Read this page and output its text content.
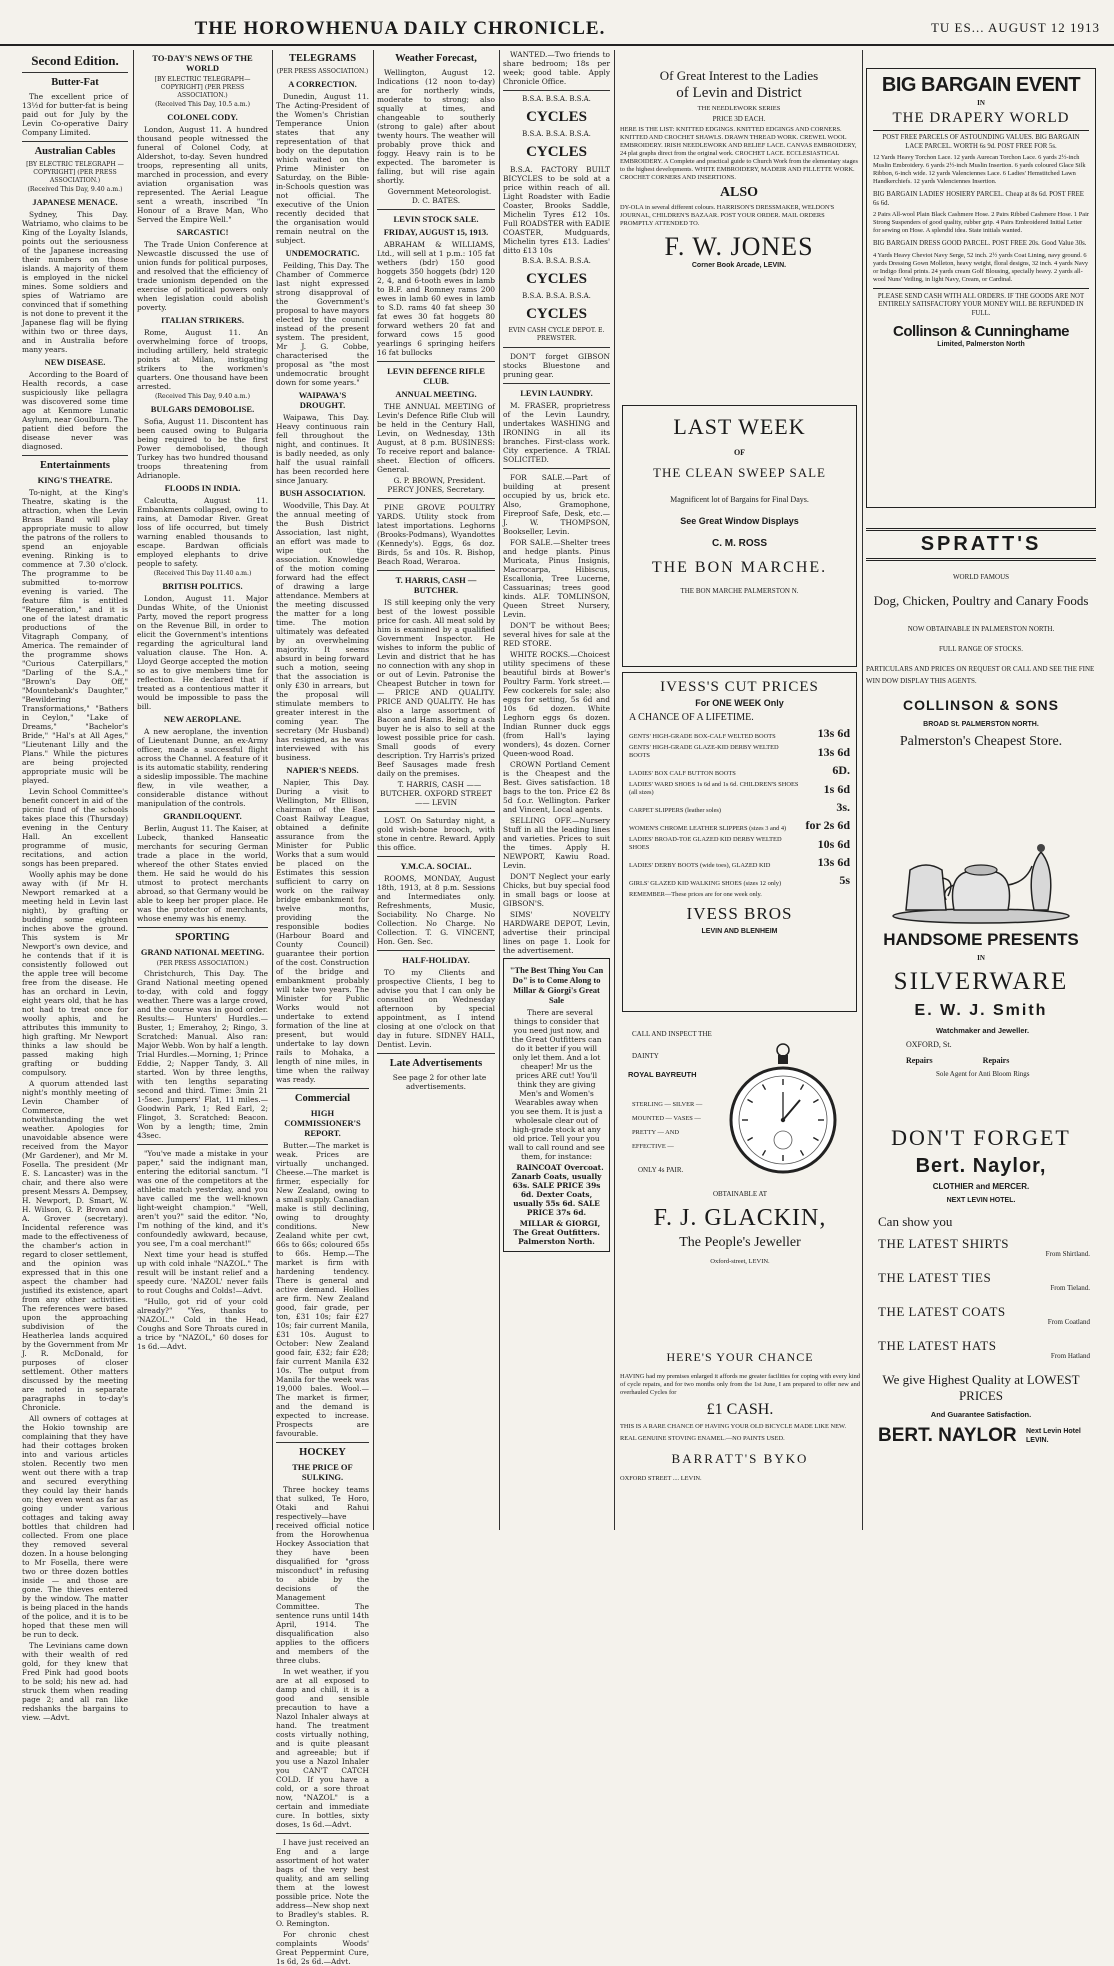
THE HOROWHENUA DAILY CHRONICLE.	TU ES... AUGUST 12 1913
Second Edition.
Butter-Fat

The excellent price of 13½d for butter-fat is being paid out for July by the Levin Co-operative Dairy Company Limited.

Australian Cables
[BY ELECTRIC TELEGRAPH — COPYRIGHT] (PER PRESS ASSOCIATION.)
(Received This Day, 9.40 a.m.)
JAPANESE MENACE.

Sydney, This Day. Watriamo, who claims to be King of the Loyalty Islands, points out the seriousness of the Japanese increasing their numbers on those islands. A majority of them is employed in the nickel mines. Some soldiers and spies of Watriamo are convinced that if something is not done to prevent it the Japanese flag will be flying within two or three days, and in Australia before many years.

NEW DISEASE.

According to the Board of Health records, a case suspiciously like pellagra was discovered some time ago at Kenmore Lunatic Asylum, near Goulburn. The patient died before the disease never was diagnosed.

Entertainments
KING'S THEATRE.

To-night, at the King's Theatre, skating is the attraction, when the Levin Brass Band will play appropriate music to allow the patrons of the rollers to spend an enjoyable evening. Rinking is to commence at 7.30 o'clock. The programme to be submitted to-morrow evening is varied. The feature film is entitled "Regeneration," and it is one of the latest dramatic productions of the Vitagraph Company, of America. The remainder of the programme shows "Curious Caterpillars," "Darling of the S.A.," "Brown's Day Off," "Mountebank's Daughter," "Bewildering Transformations," "Bathers in Ceylon," "Lake of Dreams," "Bachelor's Bride," "Hal's at All Ages," "Lieutenant Lilly and the Plans." While the pictures are being projected appropriate music will be played.

Levin School Committee's benefit concert in aid of the picnic fund of the schools takes place this (Thursday) evening in the Century Hall. An excellent programme of music, recitations, and action songs has been prepared.

Woolly aphis may be done away with (if Mr H. Newport remarked at a meeting held in Levin last night), by grafting or budding some eighteen inches above the ground. This system is Mr Newport's own device, and he contends that if it is consistently followed out the apple tree will become free from the disease. He has an orchard in Levin, eight years old, that he has not had to treat once for woolly aphis, and he attributes this immunity to high grafting. Mr Newport thinks a law should be passed making high grafting or budding compulsory.

A quorum attended last night's monthly meeting of Levin Chamber of Commerce, notwithstanding the wet weather. Apologies for unavoidable absence were received from the Mayor (Mr Gardener), and Mr M. Fosella. The president (Mr E. S. Lancaster) was in the chair, and there also were present Messrs A. Dempsey, H. Newport, D. Smart, W. H. Wilson, G. P. Brown and A. Grover (secretary). Incidental reference was made to the effectiveness of the chamber's action in regard to closer settlement, and the opinion was expressed that in this one aspect the chamber had justified its existence, apart from any other activities. The references were based upon the approaching subdivision of the Heatherlea lands acquired by the Government from Mr J. R. McDonald, for purposes of closer settlement. Other matters discussed by the meeting are noted in separate paragraphs in to-day's Chronicle.

All owners of cottages at the Hokio township are complaining that they have had their cottages broken into and various articles stolen. Recently two men went out there with a trap and secured everything they could lay their hands on; they even went as far as going under various cottages and taking away bottles that children had collected. From one place they removed several dozen. In a house belonging to Mr Fosella, there were two or three dozen bottles inside — and those are gone. The thieves entered by the window. The matter is being placed in the hands of the police, and it is to be hoped that these men will be run to deck.

The Levinians came down with their wealth of red gold, for they knew that Fred Pink had good boots to be sold; his new ad. had struck them when reading page 2; and all ran like redshanks the bargains to view. —Advt.

TO-DAY'S NEWS OF THE WORLD
[BY ELECTRIC TELEGRAPH—COPYRIGHT] (PER PRESS ASSOCIATION.)
(Received This Day, 10.5 a.m.)
COLONEL CODY.

London, August 11. A hundred thousand people witnessed the funeral of Colonel Cody, at Aldershot, to-day. Seven hundred troops, representing all units, marched in procession, and every aviation organisation was represented. The Aerial League sent a wreath, inscribed "In Honour of a Brave Man, Who Served the Empire Well."

SARCASTIC!

The Trade Union Conference at Newcastle discussed the use of union funds for political purposes, and resolved that the efficiency of trade unionism depended on the exercise of political powers only when legislation could abolish poverty.

ITALIAN STRIKERS.

Rome, August 11. An overwhelming force of troops, including artillery, held strategic points at Milan, instigating strikers to the workmen's quarters. One thousand have been arrested.

(Received This Day, 9.40 a.m.)
BULGARS DEMOBOLISE.

Sofia, August 11. Discontent has been caused owing to Bulgaria being required to be the first Power demobolised, though Turkey has two hundred thousand troops threatening from Adrianople.

FLOODS IN INDIA.

Calcutta, August 11. Embankments collapsed, owing to rains, at Damodar River. Great loss of life occurred, but timely warning enabled thousands to escape. Bardwan officials employed elephants to drive people to safety.

(Received This Day 11.40 a.m.)
BRITISH POLITICS.

London, August 11. Major Dundas White, of the Unionist Party, moved the report progress on the Revenue Bill, in order to elicit the Government's intentions regarding the agricultural land valuation clause. The Hon. A. Lloyd George accepted the motion so as to give members time for reflection. He declared that if treated as a contentious matter it would be impossible to pass the bill.

NEW AEROPLANE.

A new aeroplane, the invention of Lieutenant Dunne, an ex-Army officer, made a successful flight across the Channel. A feature of it is its automatic stability, rendering a sideslip impossible. The machine flew, in vile weather, a considerable distance without manipulation of the controls.

GRANDILOQUENT.

Berlin, August 11. The Kaiser, at Lubeck, thanked Hanseatic merchants for securing German trade a place in the world, whereof the other States envied them. He said he would do his utmost to protect merchants abroad, so that Germany would be able to keep her proper place. He was the protector of merchants, whose enemy was his enemy.

SPORTING
GRAND NATIONAL MEETING.
(PER PRESS ASSOCIATION.)

Christchurch, This Day. The Grand National meeting opened to-day, with cold and foggy weather. There was a large crowd, and the course was in good order. Results:— Hunters' Hurdles.—Buster, 1; Emerahoy, 2; Ringo, 3. Scratched: Manual. Also ran: Major Webb. Won by half a length. Trial Hurdles.—Morning, 1; Prince Eddie, 2; Napper Tandy, 3. All started. Won by three lengths, with ten lengths separating second and third. Time: 3min 21 1-5sec. Jumpers' Flat, 11 miles.—Goodwin Park, 1; Red Earl, 2; Flingot, 3. Scratched: Beacon. Won by a length; time, 2min 43sec.

"You've made a mistake in your paper," said the indignant man, entering the editorial sanctum. "I was one of the competitors at the athletic match yesterday, and you have called me the well-known light-weight champion." "Well, aren't you?" said the editor. "No, I'm nothing of the kind, and it's confoundedly awkward, because, you see, I'm a coal merchant!"

Next time your head is stuffed up with cold inhale "NAZOL." The result will be instant relief and a speedy cure. 'NAZOL' never fails to rout Coughs and Colds!—Advt.

"Hullo, got rid of your cold already?" "Yes, thanks to 'NAZOL.'" Cold in the Head, Coughs and Sore Throats cured in a trice by "NAZOL," 60 doses for 1s 6d.—Advt.

TELEGRAMS
(PER PRESS ASSOCIATION.)
A CORRECTION.

Dunedin, August 11. The Acting-President of the Women's Christian Temperance Union states that any representation of that body on the deputation which waited on the Prime Minister on Saturday, on the Bible-in-Schools question was not official. The executive of the Union recently decided that the organisation would remain neutral on the subject.

UNDEMOCRATIC.

Feilding, This Day. The Chamber of Commerce last night expressed strong disapproval of the Government's proposal to have mayors elected by the council instead of the present system. The president, Mr J. G. Cobbe, characterised the proposal as "the most undemocratic brought down for some years."

WAIPAWA'S DROUGHT.

Waipawa, This Day. Heavy continuous rain fell throughout the night, and continues. It is badly needed, as only half the usual rainfall has been recorded here since January.

BUSH ASSOCIATION.

Woodville, This Day. At the annual meeting of the Bush District Association, last night, an effort was made to wipe out the association. Knowledge of the motion coming forward had the effect of drawing a large attendance. Members at the meeting discussed the matter for a long time. The motion ultimately was defeated by an overwhelming majority. It seems absurd in being forward such a motion, seeing that the association is only £30 in arrears, but the proposal will stimulate members to greater interest in the coming year. The secretary (Mr Husband) has resigned, as he was interviewed with his business.

NAPIER'S NEEDS.

Napier, This Day. During a visit to Wellington, Mr Ellison, chairman of the East Coast Railway League, obtained a definite assurance from the Minister for Public Works that a sum would be placed on the Estimates this session sufficient to carry on work on the railway bridge embankment for twelve months, providing the responsible bodies (Harbour Board and County Council) guarantee their portion of the cost. Construction of the bridge and embankment probably will take two years. The Minister for Public Works would not undertake to extend formation of the line at present, but would undertake to lay down rails to Mohaka, a length of nine miles, in time when the railway was ready.

Commercial
HIGH COMMISSIONER'S REPORT.

Butter.—The market is weak. Prices are virtually unchanged. Cheese.—The market is firmer, especially for New Zealand, owing to a small supply. Canadian make is still declining, owing to droughty conditions. New Zealand white per cwt, 66s to 66s; coloured 65s to 66s. Hemp.—The market is firm with hardening tendency. There is general and active demand. Hollies are firm. New Zealand good, fair grade, per ton, £31 10s; fair £27 10s; fair current Manila, £31 10s. August to October: New Zealand good fair, £32; fair £28; fair current Manila £32 10s. The output from Manila for the week was 19,000 bales. Wool.—The market is firmer, and the demand is expected to increase. Prospects are favourable.

HOCKEY
THE PRICE OF SULKING.

Three hockey teams that sulked, Te Horo, Otaki and Rahui respectively—have received official notice from the Horowhenua Hockey Association that they have been disqualified for "gross misconduct" in refusing to abide by the decisions of the Management Committee. The sentence runs until 14th April, 1914. The disqualification also applies to the officers and members of the three clubs.

In wet weather, if you are at all exposed to damp and chill, it is a good and sensible precaution to have a Nazol Inhaler always at hand. The treatment costs virtually nothing, and is quite pleasant and agreeable; but if you use a Nazol Inhaler you CAN'T CATCH COLD. If you have a cold, or a sore throat now, "NAZOL" is a certain and immediate cure. In bottles, sixty doses, 1s 6d.—Advt.

I have just received an Eng and a large assortment of hot water bags of the very best quality, and am selling them at the lowest possible price. Note the address—New shop next to Bradley's stables. R. O. Remington.

For chronic chest complaints Woods' Great Peppermint Cure, 1s 6d, 2s 6d.—Advt.

Weather Forecast,

Wellington, August 12. Indications (12 noon to-day) are for northerly winds, moderate to strong; also squally at times, and changeable to southerly (strong to gale) after about twenty hours. The weather will probably prove thick and foggy. Heavy rain is to be expected. The barometer is falling, but will rise again shortly.

Government Meteorologist. D. C. BATES.

LEVIN STOCK SALE.
FRIDAY, AUGUST 15, 1913.

ABRAHAM & WILLIAMS, Ltd., will sell at 1 p.m.: 105 fat wethers (bdr) 150 good hoggets 350 hoggets (bdr) 120 2, 4, and 6-tooth ewes in lamb to B.F. and Romney rams 200 ewes in lamb 60 ewes in lamb to S.D. rams 40 fat sheep 30 fat ewes 30 fat hoggets 80 forward wethers 20 fat and forward cows 15 good yearlings 6 springing heifers 16 fat bullocks

LEVIN DEFENCE RIFLE CLUB.
ANNUAL MEETING.

THE ANNUAL MEETING of Levin's Defence Rifle Club will be held in the Century Hall, Levin, on Wednesday, 13th August, at 8 p.m. BUSINESS: To receive report and balance-sheet. Election of officers. General.

G. P. BROWN, President. PERCY JONES, Secretary.

PINE GROVE POULTRY YARDS. Utility stock from latest importations. Leghorns (Brooks-Podmans), Wyandottes (Kennedy's). Eggs, 6s doz. Birds, 5s and 10s. R. Bishop, Beach Road, Weraroa.

T. HARRIS, CASH — BUTCHER.

IS still keeping only the very best of the lowest possible price for cash. All meat sold by him is examined by a qualified Government Inspector. He wishes to inform the public of Levin and district that he has no connection with any shop in or out of Levin. Patronise the Cheapest Butcher in town for— PRICE AND QUALITY. PRICE AND QUALITY. He has also a large assortment of Bacon and Hams. Being a cash buyer he is also to sell at the lowest possible price for cash. Small goods of every description. Try Harris's prized Beef Sausages made fresh daily on the premises.

T. HARRIS, CASH —— BUTCHER. OXFORD STREET —— LEVIN

LOST. On Saturday night, a gold wish-bone brooch, with stone in centre. Reward. Apply this office.

Y.M.C.A. SOCIAL.

ROOMS, MONDAY, August 18th, 1913, at 8 p.m. Sessions and Intermediates only. Refreshments, Music, Sociability. No Charge. No Collection. No Charge. No Collection. T. G. VINCENT, Hon. Gen. Sec.

HALF-HOLIDAY.

TO my Clients and prospective Clients, I beg to advise you that I can only be consulted on Wednesday afternoon by special appointment, as I intend closing at one o'clock on that day in future. SIDNEY HALL, Dentist. Levin.

Late Advertisements

See page 2 for other late advertisements.

WANTED.—Two friends to share bedroom; 18s per week; good table. Apply Chronicle Office.

B.S.A. B.S.A. B.S.A.
CYCLES
B.S.A. B.S.A. B.S.A.
CYCLES

B.S.A. FACTORY BUILT BICYCLES to be sold at a price within reach of all. Light Roadster with Eadie Coaster, Brooks Saddle, Michelin Tyres £12 10s. Full ROADSTER with EADIE COASTER, Mudguards, Michelin tyres £13. Ladies' ditto £13 10s

B.S.A. B.S.A. B.S.A.
CYCLES
B.S.A. B.S.A. B.S.A.
CYCLES
EVIN CASH CYCLE DEPOT. E. PREWSTER.

DON'T forget GIBSON stocks Bluestone and pruning gear.

LEVIN LAUNDRY.

M. FRASER, proprietress of the Levin Laundry, undertakes WASHING and IRONING in all its branches. First-class work. City experience. A TRIAL SOLICITED.

FOR SALE.—Part of building at present occupied by us, brick etc. Also, Gramophone, Fireproof Safe, Desk, etc.—J. W. THOMPSON, Bookseller, Levin.

FOR SALE.—Shelter trees and hedge plants. Pinus Muricata, Pinus Insignis, Macrocarpa, Hibiscus, Escallonia, Tree Lucerne, Cassuarinas; trees good kinds. ALF. TOMLINSON, Queen Street Nursery, Levin.

DON'T be without Bees; several hives for sale at the RED STORE.

WHITE ROCKS.—Choicest utility specimens of these beautiful birds at Bower's Poultry Farm. York street.—Few cockerels for sale; also eggs for setting, 5s 6d and 10s 6d dozen. White Leghorn eggs 6s dozen. Indian Runner duck eggs (from Hall's laying wonders), 4s dozen. Corner Queen-wood Road.

CROWN Portland Cement is the Cheapest and the Best. Gives satisfaction. 18 bags to the ton. Price £2 8s 5d f.o.r. Wellington. Parker and Vincent, Local agents.

SELLING OFF.—Nursery Stuff in all the leading lines and varieties. Prices to suit the times. Apply H. NEWPORT, Kawiu Road. Levin.

DON'T Neglect your early Chicks, but buy special food in small bags or loose at GIBSON'S.

SIMS' NOVELTY HARDWARE DEPOT, Levin, advertise their principal lines on page 1. Look for the advertisement.

"The Best Thing You Can Do" is to Come Along to Millar & Giorgi's Great Sale

There are several things to consider that you need just now, and the Great Outfitters can do it better if you will only let them. And a lot cheaper! Mr us the prices ARE cut! You'll think they are giving Men's and Women's Wearables away when you see them. It is just a wholesale clear out of high-grade stock at any old price. Tell your you wall to call round and see them, for instance:

RAINCOAT Overcoat. Zanarb Coats, usually 63s. SALE PRICE 39s 6d. Dexter Coats, usually 55s 6d. SALE PRICE 37s 6d.

MILLAR & GIORGI, The Great Outfitters. Palmerston North.

Of Great Interest to the Ladies
of Levin and District
THE NEEDLEWORK SERIES
PRICE 3D EACH.
HERE IS THE LIST: KNITTED EDGINGS. KNITTED EDGINGS AND CORNERS. KNITTED AND CROCHET SHAWLS. DRAWN THREAD WORK. CREWEL WOOL EMBROIDERY. IRISH NEEDLEWORK AND RELIEF LACE. CANVAS EMBROIDERY, 24 plat graphs direct from the original work. CROCHET LACE. ECCLESIASTICAL EMBROIDERY. A Complete and practical guide to Church Work from the elementary stages to the highest developments. WHITE EMBROIDERY, MADEIR AND FILLETTE WORK. CROCHET CORNERS AND INSERTIONS.
ALSO
DY-OLA in several different colours. HARRISON'S DRESSMAKER, WELDON'S JOURNAL, CHILDREN'S BAZAAR. POST YOUR ORDER. MAIL ORDERS PROMPTLY ATTENDED TO.
F. W. JONES
Corner Book Arcade, LEVIN.
LAST WEEK
OF
THE CLEAN SWEEP SALE
Magnificent lot of Bargains for Final Days.
See Great Window Displays
C. M. ROSS
THE BON MARCHE.
THE BON MARCHE PALMERSTON N.
IVESS'S CUT PRICES
For ONE WEEK Only
A CHANCE OF A LIFETIME.
GENTS' HIGH-GRADE BOX-CALF WELTED BOOTS	13s 6d
GENTS' HIGH-GRADE GLAZE-KID DERBY WELTED BOOTS	13s 6d
LADIES' BOX CALF BUTTON BOOTS	6D.
LADIES' WARD SHOES 1s 6d and 1s 6d. CHILDREN'S SHOES (all sizes)	1s 6d
CARPET SLIPPERS (leather soles)	3s.
WOMEN'S CHROME LEATHER SLIPPERS (sizes 3 and 4)	for 2s 6d
LADIES' BROAD-TOE GLAZED KID DERBY WELTED SHOES	10s 6d
LADIES' DERBY BOOTS (wide toes), GLAZED KID	13s 6d
GIRLS' GLAZED KID WALKING SHOES (sizes 12 only)	5s
REMEMBER—These prices are for one week only.
IVESS BROS
LEVIN AND BLENHEIM
CALL AND INSPECT THE
DAINTY
ROYAL BAYREUTH
STERLING — SILVER — MOUNTED — VASES — PRETTY — AND EFFECTIVE —
ONLY 4s PAIR.
OBTAINABLE AT
F. J. GLACKIN,
The People's Jeweller
Oxford-street, LEVIN.
HERE'S YOUR CHANCE
HAVING had my premises enlarged it affords me greater facilities for coping with every kind of cycle repairs, and for two months only from the 1st June, I am prepared to offer new and overhauled Cycles for
£1 CASH.
THIS IS A RARE CHANCE OF HAVING YOUR OLD BICYCLE MADE LIKE NEW.
REAL GENUINE STOVING ENAMEL.—NO PAINTS USED.
BARRATT'S BYKO
OXFORD STREET .... LEVIN.
BIG BARGAIN EVENT
IN
THE DRAPERY WORLD
POST FREE PARCELS OF ASTOUNDING VALUES. BIG BARGAIN LACE PARCEL. WORTH 6s 9d. POST FREE FOR 5s.
12 Yards Heavy Torchon Lace. 12 yards Aurecan Torchon Lace. 6 yards 2½-inch Muslin Embroidery. 6 yards 2½-inch Muslin Insertion. 6 yards coloured Glace Silk Ribbon, 6-inch wide. 12 yards Valenciennes Lace. 6 Ladies' Hemstitched Lawn Handkerchiefs. 12 yards Valenciennes Insertion.
BIG BARGAIN LADIES' HOSIERY PARCEL. Cheap at 8s 6d. POST FREE 6s 6d.
2 Pairs All-wool Plain Black Cashmere Hose. 2 Pairs Ribbed Cashmere Hose. 1 Pair Strong Suspenders of good quality, rubber grip. 4 Pairs Embroidered Initial Letter for sewing on Hose. A splendid idea. State initials wanted.
BIG BARGAIN DRESS GOOD PARCEL. POST FREE 20s. Good Value 30s.
4 Yards Heavy Cheviot Navy Serge, 52 inch. 2½ yards Coat Lining, navy ground. 6 yards Dressing Gown Molleton, heavy weight, floral designs, 32 inch. 4 yards Navy or Indigo floral prints. 24 yards cream Golf Blousing, specially heavy. 2 yards all-wool Nuns' Veiling, in light Navy, Cream, or Cardinal.
PLEASE SEND CASH WITH ALL ORDERS. IF THE GOODS ARE NOT ENTIRELY SATISFACTORY YOUR MONEY WILL BE REFUNDED IN FULL.
Collinson & Cunninghame
Limited, Palmerston North
SPRATT'S
WORLD FAMOUS
Dog, Chicken, Poultry and Canary Foods
NOW OBTAINABLE IN PALMERSTON NORTH.
FULL RANGE OF STOCKS.
PARTICULARS AND PRICES ON REQUEST OR CALL AND SEE THE FINE WIN DOW DISPLAY THIS AGENTS.
COLLINSON & SONS
BROAD St. PALMERSTON NORTH.
Palmerston's Cheapest Store.
HANDSOME PRESENTS
IN
SILVERWARE
E. W. J. Smith
Watchmaker and Jeweller.
OXFORD, St.
Repairs                         Repairs
Sole Agent for Anti Bloom Rings
DON'T FORGET
Bert. Naylor,
CLOTHIER and MERCER.
NEXT LEVIN HOTEL.
Can show you
THE LATEST SHIRTS
From Shirtland.
THE LATEST TIES
From Tieland.
THE LATEST COATS
From Coatland
THE LATEST HATS
From Hatland
We give Highest Quality at LOWEST PRICES
And Guarantee Satisfaction.
BERT. NAYLOR Next Levin Hotel LEVIN.
